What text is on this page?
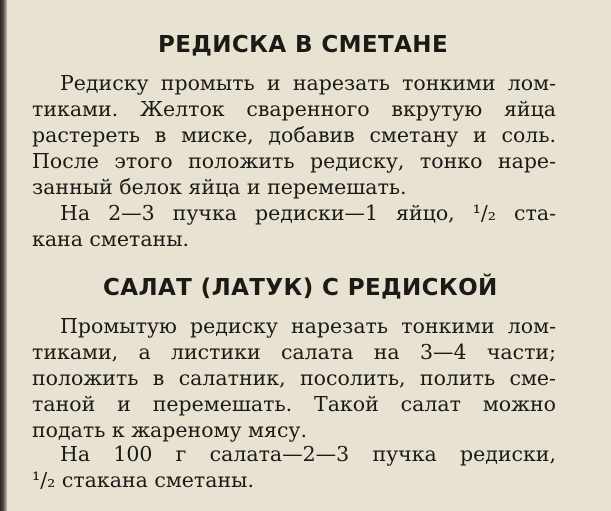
РЕДИСКА В СМЕТАНЕ
Редиску промыть и нарезать тонкими лом-
тиками. Желток сваренного вкрутую яйца
растереть в миске, добавив сметану и соль.
После этого положить редиску, тонко наре-
занный белок яйца и перемешать.
На 2—3 пучка редиски—1 яйцо, ¹/₂ ста-
кана сметаны.
САЛАТ (ЛАТУК) С РЕДИСКОЙ
Промытую редиску нарезать тонкими лом-
тиками, а листики салата на 3—4 части;
положить в салатник, посолить, полить сме-
таной и перемешать. Такой салат можно
подать к жареному мясу.
На 100 г салата—2—3 пучка редиски,
¹/₂ стакана сметаны.
